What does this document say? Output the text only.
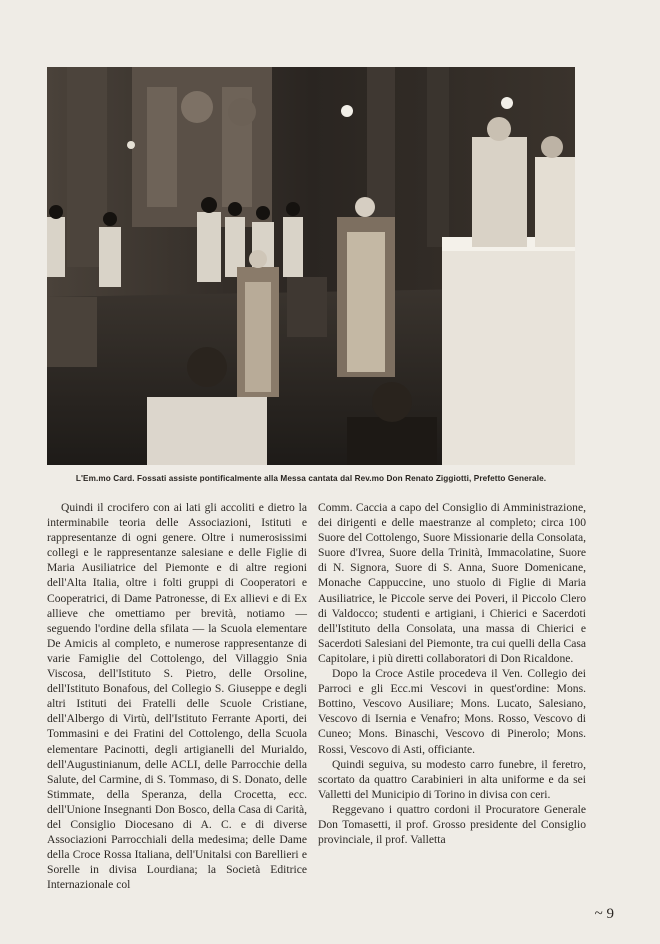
L'Em.mo Card. Fossati assiste pontificalmente alla Messa cantata dal Rev.mo Don Renato Ziggiotti, Prefetto Generale.

Quindi il crocifero con ai lati gli accoliti e dietro la interminabile teoria delle Associazioni, Istituti e rappresentanze di ogni genere. Oltre i numerosissimi collegi e le rappresentanze salesiane e delle Figlie di Maria Ausiliatrice del Piemonte e di altre regioni dell'Alta Italia, oltre i folti gruppi di Cooperatori e Cooperatrici, di Dame Patronesse, di Ex allievi e di Ex allieve che omettiamo per brevità, notiamo — seguendo l'ordine della sfilata — la Scuola elementare De Amicis al completo, e numerose rappresentanze di varie Famiglie del Cottolengo, del Villaggio Snia Viscosa, dell'Istituto S. Pietro, delle Orsoline, dell'Istituto Bonafous, del Collegio S. Giuseppe e degli altri Istituti dei Fratelli delle Scuole Cristiane, dell'Albergo di Virtù, dell'Istituto Ferrante Aporti, dei Tommasini e dei Fratini del Cottolengo, della Scuola elementare Pacinotti, degli artigianelli del Murialdo, dell'Augustinianum, delle ACLI, delle Parrocchie della Salute, del Carmine, di S. Tommaso, di S. Donato, delle Stimmate, della Speranza, della Crocetta, ecc. dell'Unione Insegnanti Don Bosco, della Casa di Carità, del Consiglio Diocesano di A. C. e di diverse Associazioni Parrocchiali della medesima; delle Dame della Croce Rossa Italiana, dell'Unitalsi con Barellieri e Sorelle in divisa Lourdiana; la Società Editrice Internazionale col

Comm. Caccia a capo del Consiglio di Amministrazione, dei dirigenti e delle maestranze al completo; circa 100 Suore del Cottolengo, Suore Missionarie della Consolata, Suore d'Ivrea, Suore della Trinità, Immacolatine, Suore di N. Signora, Suore di S. Anna, Suore Domenicane, Monache Cappuccine, uno stuolo di Figlie di Maria Ausiliatrice, le Piccole serve dei Poveri, il Piccolo Clero di Valdocco; studenti e artigiani, i Chierici e Sacerdoti dell'Istituto della Consolata, una massa di Chierici e Sacerdoti Salesiani del Piemonte, tra cui quelli della Casa Capitolare, i più diretti collaboratori di Don Ricaldone.

Dopo la Croce Astile procedeva il Ven. Collegio dei Parroci e gli Ecc.mi Vescovi in quest'ordine: Mons. Bottino, Vescovo Ausiliare; Mons. Lucato, Salesiano, Vescovo di Isernia e Venafro; Mons. Rosso, Vescovo di Cuneo; Mons. Binaschi, Vescovo di Pinerolo; Mons. Rossi, Vescovo di Asti, officiante.

Quindi seguiva, su modesto carro funebre, il feretro, scortato da quattro Carabinieri in alta uniforme e da sei Valletti del Municipio di Torino in divisa con ceri.

Reggevano i quattro cordoni il Procuratore Generale Don Tomasetti, il prof. Grosso presidente del Consiglio provinciale, il prof. Valletta

~ 9
